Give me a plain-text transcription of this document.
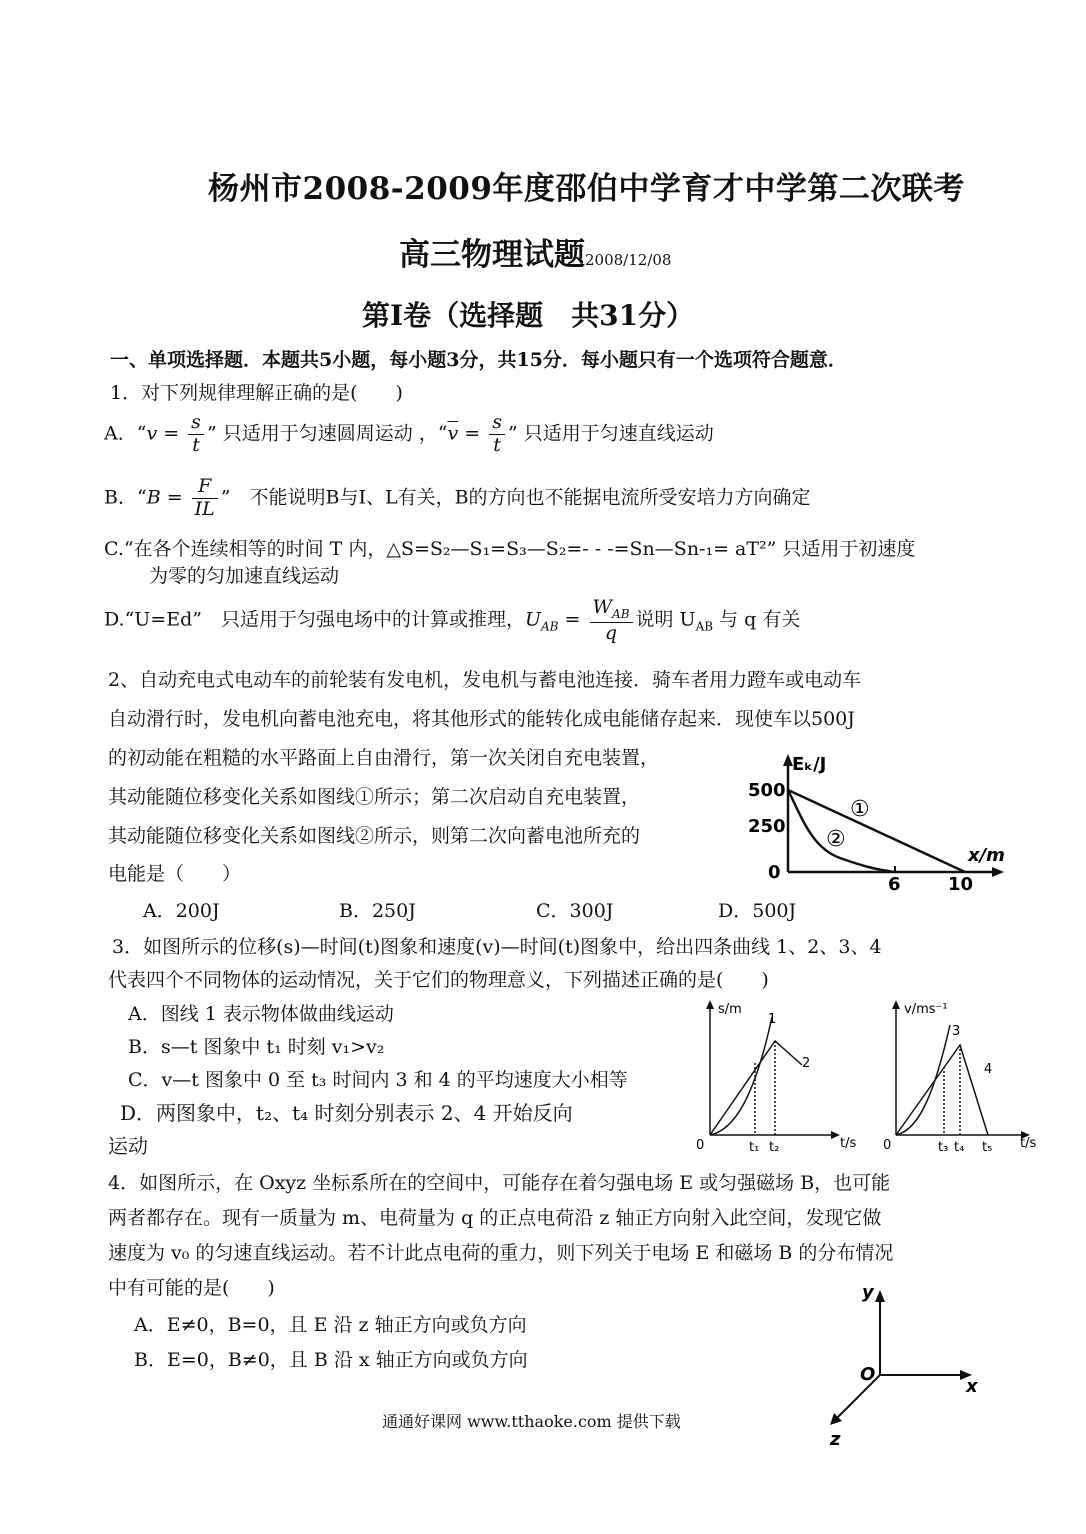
杨州市2008-2009年度邵伯中学育才中学第二次联考
高三物理试题2008/12/08
第Ⅰ卷（选择题　共31分）
一、单项选择题．本题共5小题，每小题3分，共15分．每小题只有一个选项符合题意．
1．对下列规律理解正确的是(　　)
A．“$v = \frac{s}{t}$ ” 只适用于匀速圆周运动 ，“$\overline{v} = \frac{s}{t}$ ” 只适用于匀速直线运动
B．“$B = \frac{F}{IL}$ ”　不能说明B与I、L有关，B的方向也不能据电流所受安培力方向确定
C.“在各个连续相等的时间 T 内，△S=S₂—S₁=S₃—S₂=- - -=Sn—Sn-₁= aT²” 只适用于初速度
为零的匀加速直线运动
D.“U=Ed”　只适用于匀强电场中的计算或推理，$U_{AB} = \frac{W_{AB}}{q}$ 说明 $U_{AB}$ 与 q 有关
2、自动充电式电动车的前轮装有发电机，发电机与蓄电池连接．骑车者用力蹬车或电动车
自动滑行时，发电机向蓄电池充电，将其他形式的能转化成电能储存起来．现使车以500J
的初动能在粗糙的水平路面上自由滑行，第一次关闭自充电装置，
其动能随位移变化关系如图线①所示；第二次启动自充电装置，
其动能随位移变化关系如图线②所示，则第二次向蓄电池所充的
电能是（　　）
A．200J	B．250J	C．300J	D．500J
Eₖ/J
x/m
500
250
0
6	10
①
②
3．如图所示的位移(s)—时间(t)图象和速度(v)—时间(t)图象中，给出四条曲线 1、2、3、4
代表四个不同物体的运动情况，关于它们的物理意义，下列描述正确的是(　　)
A．图线 1 表示物体做曲线运动
B．s—t 图象中 t₁ 时刻 v₁>v₂
C．v—t 图象中 0 至 t₃ 时间内 3 和 4 的平均速度大小相等
D．两图象中，t₂、t₄ 时刻分别表示 2、4 开始反向
运动
s/m
t/s
0	t₁ t₂
1
2
v/ms⁻¹
t/s
0	t₃ t₄ t₅
3
4
4．如图所示，在 Oxyz 坐标系所在的空间中，可能存在着匀强电场 E 或匀强磁场 B，也可能
两者都存在。现有一质量为 m、电荷量为 q 的正点电荷沿 z 轴正方向射入此空间，发现它做
速度为 v₀ 的匀速直线运动。若不计此点电荷的重力，则下列关于电场 E 和磁场 B 的分布情况
中有可能的是(　　)
A．E≠0，B=0，且 E 沿 z 轴正方向或负方向
B．E=0，B≠0，且 B 沿 x 轴正方向或负方向
y
x
z
O
通通好课网 www.tthaoke.com 提供下载
